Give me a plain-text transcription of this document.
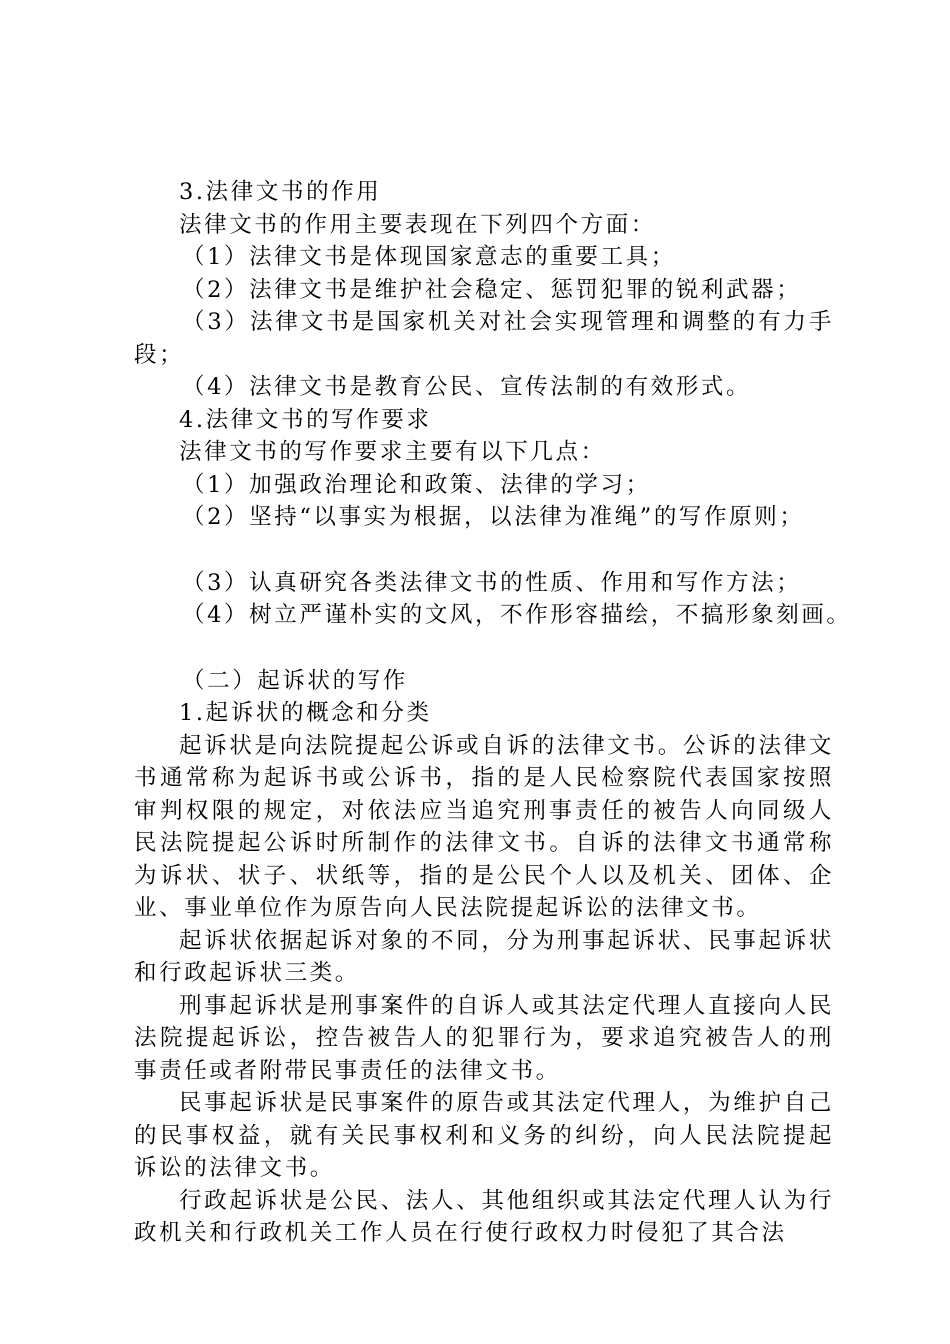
3.法律文书的作用
法律文书的作用主要表现在下列四个方面：
（1）法律文书是体现国家意志的重要工具；
（2）法律文书是维护社会稳定、惩罚犯罪的锐利武器；
（3）法律文书是国家机关对社会实现管理和调整的有力手段；
（4）法律文书是教育公民、宣传法制的有效形式。
4.法律文书的写作要求
法律文书的写作要求主要有以下几点：
（1）加强政治理论和政策、法律的学习；
（2）坚持“以事实为根据，以法律为准绳”的写作原则；
（3）认真研究各类法律文书的性质、作用和写作方法；
（4）树立严谨朴实的文风，不作形容描绘，不搞形象刻画。
（二）起诉状的写作
1.起诉状的概念和分类
起诉状是向法院提起公诉或自诉的法律文书。公诉的法律文书通常称为起诉书或公诉书，指的是人民检察院代表国家按照审判权限的规定，对依法应当追究刑事责任的被告人向同级人民法院提起公诉时所制作的法律文书。自诉的法律文书通常称为诉状、状子、状纸等，指的是公民个人以及机关、团体、企业、事业单位作为原告向人民法院提起诉讼的法律文书。
起诉状依据起诉对象的不同，分为刑事起诉状、民事起诉状和行政起诉状三类。
刑事起诉状是刑事案件的自诉人或其法定代理人直接向人民法院提起诉讼，控告被告人的犯罪行为，要求追究被告人的刑事责任或者附带民事责任的法律文书。
民事起诉状是民事案件的原告或其法定代理人，为维护自己的民事权益，就有关民事权利和义务的纠纷，向人民法院提起诉讼的法律文书。
行政起诉状是公民、法人、其他组织或其法定代理人认为行政机关和行政机关工作人员在行使行政权力时侵犯了其合法
